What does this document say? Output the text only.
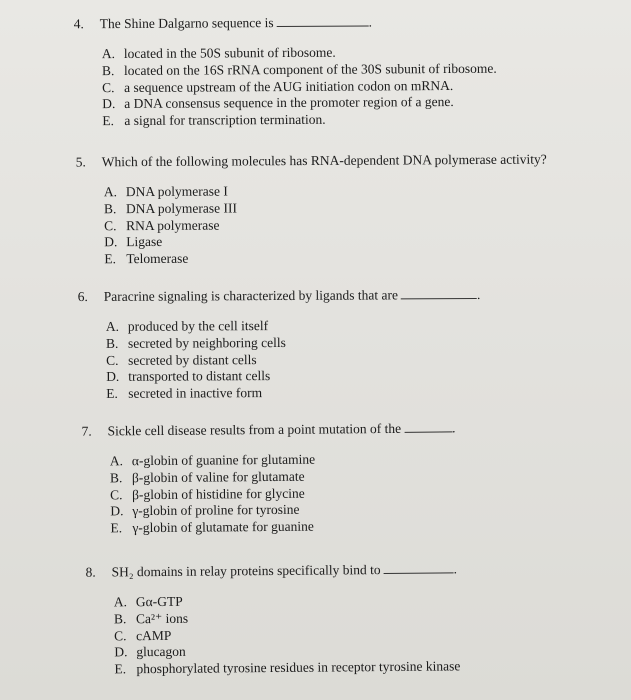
4. The Shine Dalgarno sequence is	.
A. located in the 50S subunit of ribosome.
B. located on the 16S rRNA component of the 30S subunit of ribosome.
C. a sequence upstream of the AUG initiation codon on mRNA.
D. a DNA consensus sequence in the promoter region of a gene.
E. a signal for transcription termination.
5. Which of the following molecules has RNA-dependent DNA polymerase activity?
A. DNA polymerase I
B. DNA polymerase III
C. RNA polymerase
D. Ligase
E. Telomerase
6. Paracrine signaling is characterized by ligands that are	.
A. produced by the cell itself
B. secreted by neighboring cells
C. secreted by distant cells
D. transported to distant cells
E. secreted in inactive form
7. Sickle cell disease results from a point mutation of the	.
A. α-globin of guanine for glutamine
B. β-globin of valine for glutamate
C. β-globin of histidine for glycine
D. γ-globin of proline for tyrosine
E. γ-globin of glutamate for guanine
8. SH₂ domains in relay proteins specifically bind to	.
A. Gα-GTP
B. Ca²⁺ ions
C. cAMP
D. glucagon
E. phosphorylated tyrosine residues in receptor tyrosine kinase
